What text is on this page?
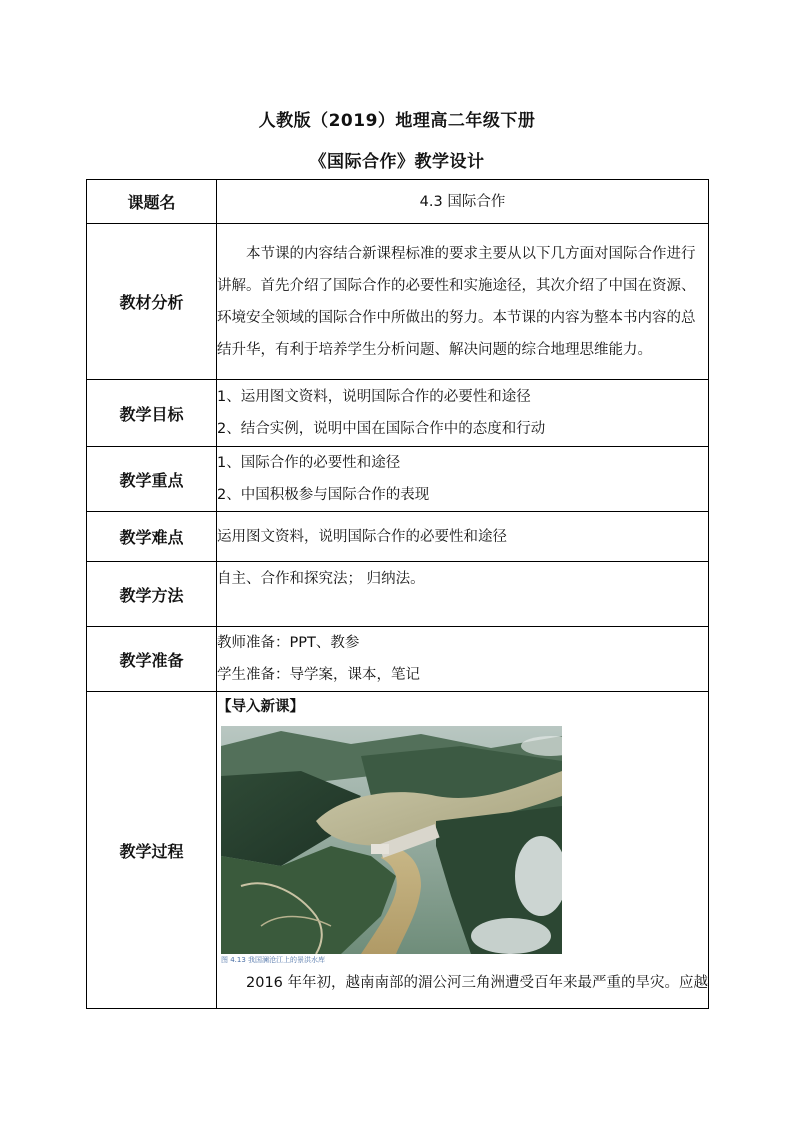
人教版（2019）地理高二年级下册
《国际合作》教学设计
课题名	4.3 国际合作
教材分析	本节课的内容结合新课程标准的要求主要从以下几方面对国际合作进行讲解。首先介绍了国际合作的必要性和实施途径，其次介绍了中国在资源、环境安全领域的国际合作中所做出的努力。本节课的内容为整本书内容的总结升华，有利于培养学生分析问题、解决问题的综合地理思维能力。

教学目标	1、运用图文资料，说明国际合作的必要性和途径

2、结合实例，说明中国在国际合作中的态度和行动

教学重点	1、国际合作的必要性和途径

2、中国积极参与国际合作的表现

教学难点	运用图文资料，说明国际合作的必要性和途径
教学方法	自主、合作和探究法； 归纳法。
教学准备	教师准备：PPT、教参

学生准备：导学案，课本，笔记

教学过程	【导入新课】

图 4.13 我国澜沧江上的景洪水库

2016 年年初，越南南部的湄公河三角洲遭受百年来最严重的旱灾。应越
